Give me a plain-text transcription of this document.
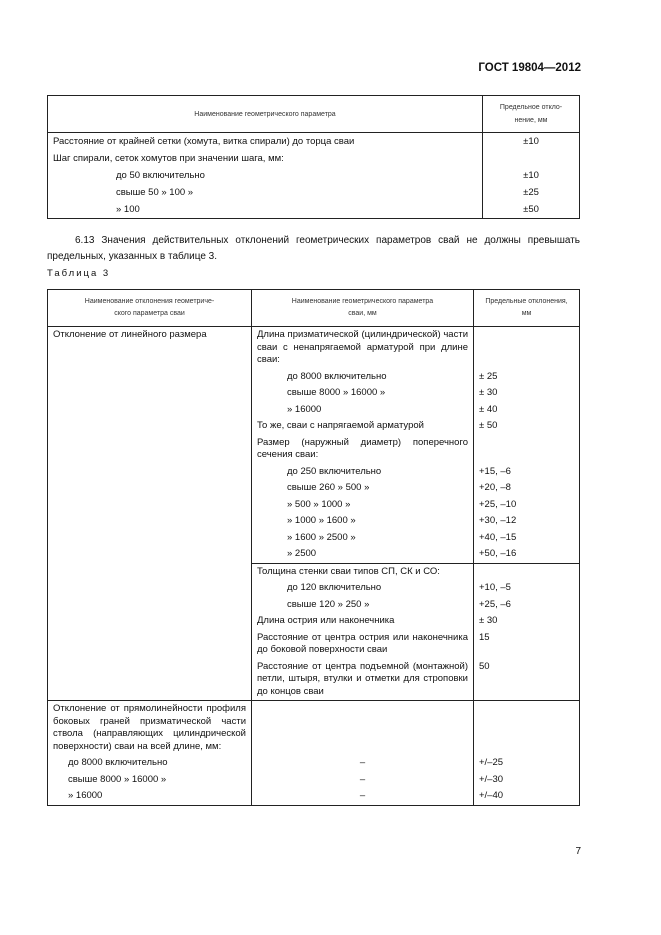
ГОСТ 19804—2012
Наименование геометрического параметра	Предельное откло-
нение, мм
Расстояние от крайней сетки (хомута, витка спирали) до торца сваи	±10
Шаг спирали, сеток хомутов при значении шага, мм:	
до 50 включительно	±10
свыше 50 » 100 »	±25
» 100	±50
6.13 Значения действительных отклонений геометрических параметров свай не должны превышать предельных, указанных в таблице 3.
Таблица 3
Наименование отклонения геометриче-
ского параметра сваи	Наименование геометрического параметра
сваи, мм	Предельные отклонения, мм
Отклонение от линейного размера	Длина призматической (цилиндрической) части сваи с ненапрягаемой арматурой при длине сваи:	
	до 8000 включительно	± 25
	свыше 8000 » 16000 »	± 30
	» 16000	± 40
	То же, сваи с напрягаемой арматурой	± 50
	Размер (наружный диаметр) поперечного сечения сваи:	
	до 250 включительно	+15, –6
	свыше 260 » 500 »	+20, –8
	» 500 » 1000 »	+25, –10
	» 1000 » 1600 »	+30, –12
	» 1600 » 2500 »	+40, –15
	» 2500	+50, –16
	Толщина стенки сваи типов СП, СК и СО:	
	до 120 включительно	+10, –5
	свыше 120 » 250 »	+25, –6
	Длина острия или наконечника	± 30
	Расстояние от центра острия или наконечника до боковой поверхности сваи	15
	Расстояние от центра подъемной (монтажной) петли, штыря, втулки и отметки для строповки до концов сваи	50
Отклонение от прямолинейности профиля боковых граней призматической части ствола (направляющих цилиндрической поверхности) сваи на всей длине, мм:		
до 8000 включительно	–	+/–25
свыше 8000 » 16000 »	–	+/–30
» 16000	–	+/–40
7
